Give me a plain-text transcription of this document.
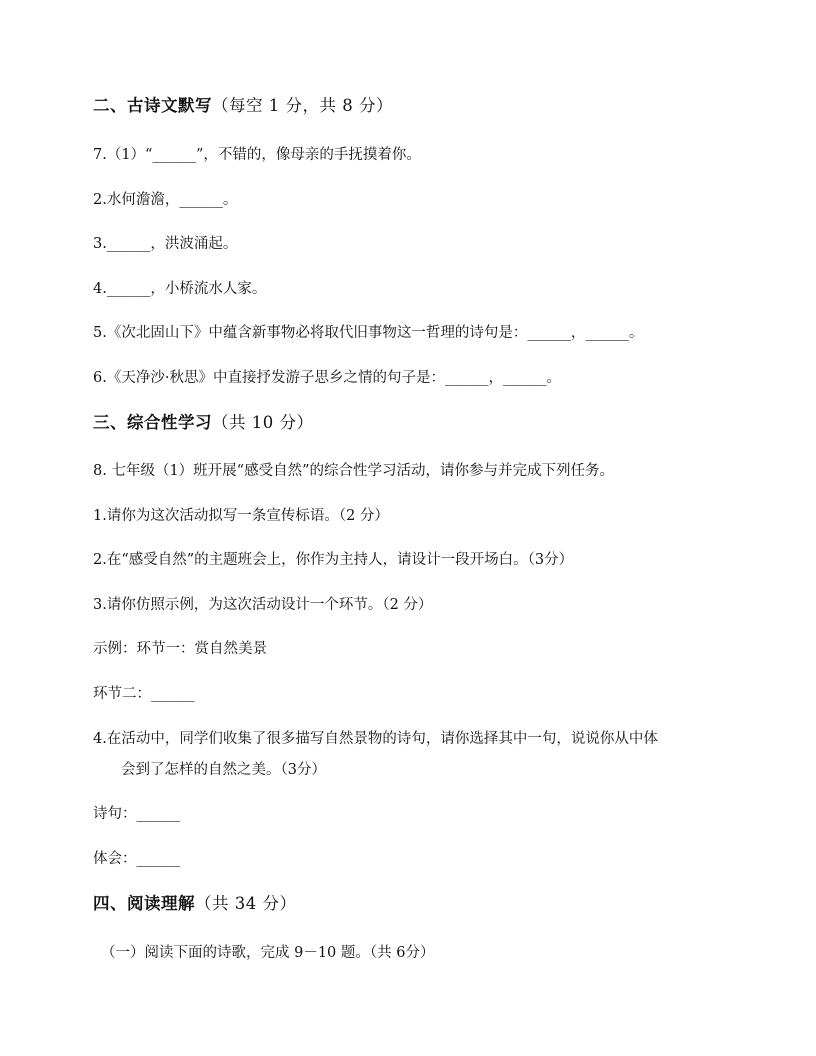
二、古诗文默写（每空 1 分，共 8 分）
7.（1）“______”，不错的，像母亲的手抚摸着你。
2.水何澹澹，______。
3.______，洪波涌起。
4.______，小桥流水人家。
5.《次北固山下》中蕴含新事物必将取代旧事物这一哲理的诗句是：______，______。
6.《天净沙·秋思》中直接抒发游子思乡之情的句子是：______，______。
三、综合性学习（共 10 分）
8. 七年级（1）班开展“感受自然”的综合性学习活动，请你参与并完成下列任务。
1.请你为这次活动拟写一条宣传标语。（2 分）
2.在“感受自然”的主题班会上，你作为主持人，请设计一段开场白。（3分）
3.请你仿照示例，为这次活动设计一个环节。（2 分）
示例：环节一：赏自然美景
环节二：______
4.在活动中，同学们收集了很多描写自然景物的诗句，请你选择其中一句，说说你从中体
会到了怎样的自然之美。（3分）
诗句：______
体会：______
四、阅读理解（共 34 分）
（一）阅读下面的诗歌，完成 9－10 题。（共 6分）
